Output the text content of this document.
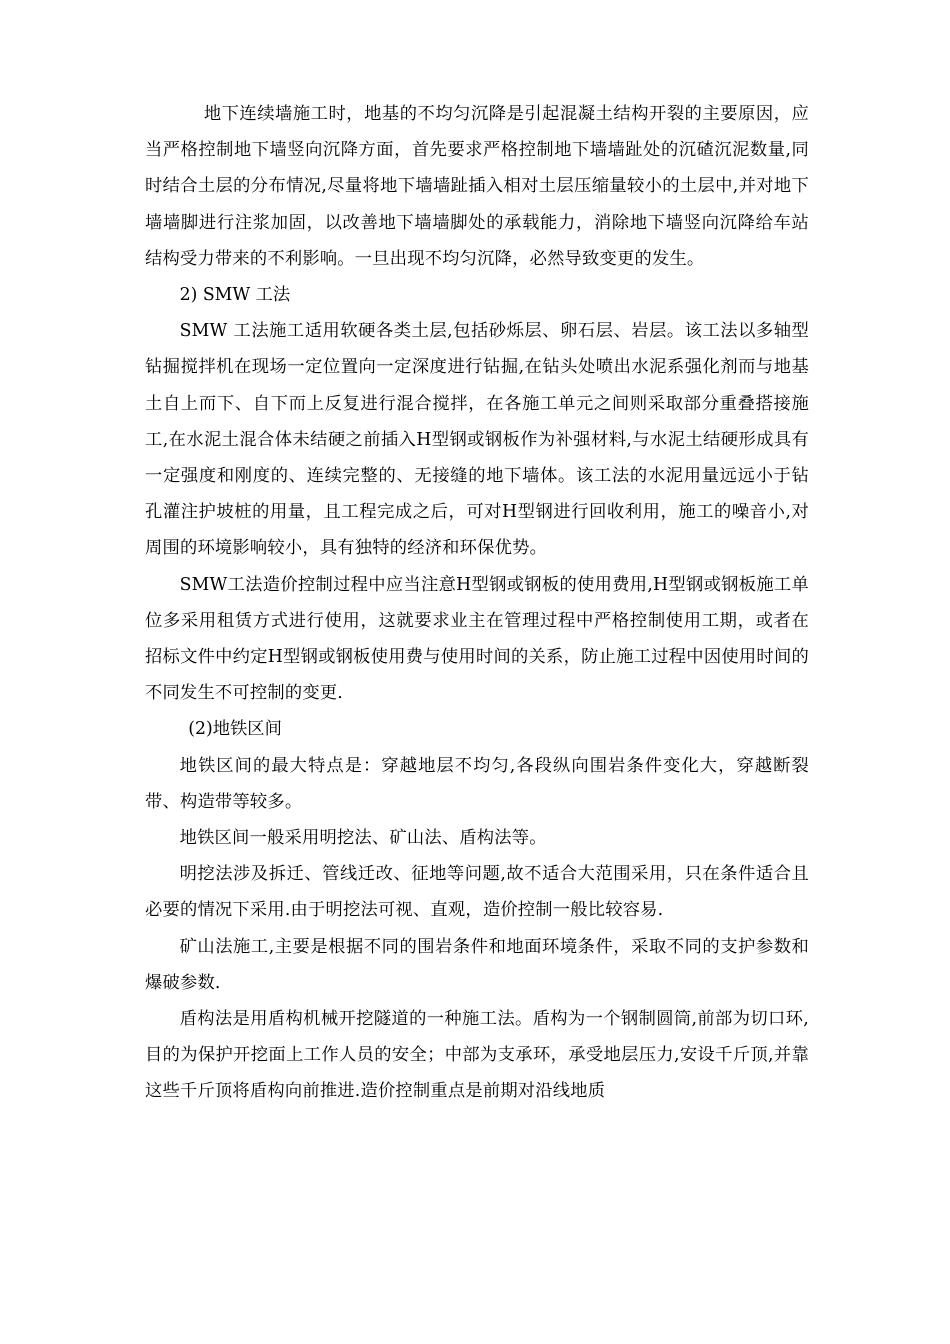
地下连续墙施工时，地基的不均匀沉降是引起混凝土结构开裂的主要原因，应当严格控制地下墙竖向沉降方面，首先要求严格控制地下墙墙趾处的沉碴沉泥数量,同时结合土层的分布情况,尽量将地下墙墙趾插入相对土层压缩量较小的土层中,并对地下墙墙脚进行注浆加固，以改善地下墙墙脚处的承载能力，消除地下墙竖向沉降给车站结构受力带来的不利影响。一旦出现不均匀沉降，必然导致变更的发生。

2) SMW 工法

SMW 工法施工适用软硬各类土层,包括砂烁层、卵石层、岩层。该工法以多轴型钻掘搅拌机在现场一定位置向一定深度进行钻掘,在钻头处喷出水泥系强化剂而与地基土自上而下、自下而上反复进行混合搅拌，在各施工单元之间则采取部分重叠搭接施工,在水泥土混合体未结硬之前插入H型钢或钢板作为补强材料,与水泥土结硬形成具有一定强度和刚度的、连续完整的、无接缝的地下墙体。该工法的水泥用量远远小于钻孔灌注护坡桩的用量，且工程完成之后，可对H型钢进行回收利用，施工的噪音小,对周围的环境影响较小，具有独特的经济和环保优势。

SMW工法造价控制过程中应当注意H型钢或钢板的使用费用,H型钢或钢板施工单位多采用租赁方式进行使用，这就要求业主在管理过程中严格控制使用工期，或者在招标文件中约定H型钢或钢板使用费与使用时间的关系，防止施工过程中因使用时间的不同发生不可控制的变更.

(2)地铁区间

地铁区间的最大特点是：穿越地层不均匀,各段纵向围岩条件变化大，穿越断裂带、构造带等较多。

地铁区间一般采用明挖法、矿山法、盾构法等。

明挖法涉及拆迁、管线迁改、征地等问题,故不适合大范围采用，只在条件适合且必要的情况下采用.由于明挖法可视、直观，造价控制一般比较容易.

矿山法施工,主要是根据不同的围岩条件和地面环境条件，采取不同的支护参数和爆破参数.

盾构法是用盾构机械开挖隧道的一种施工法。盾构为一个钢制圆筒,前部为切口环,目的为保护开挖面上工作人员的安全；中部为支承环，承受地层压力,安设千斤顶,并靠这些千斤顶将盾构向前推进.造价控制重点是前期对沿线地质
